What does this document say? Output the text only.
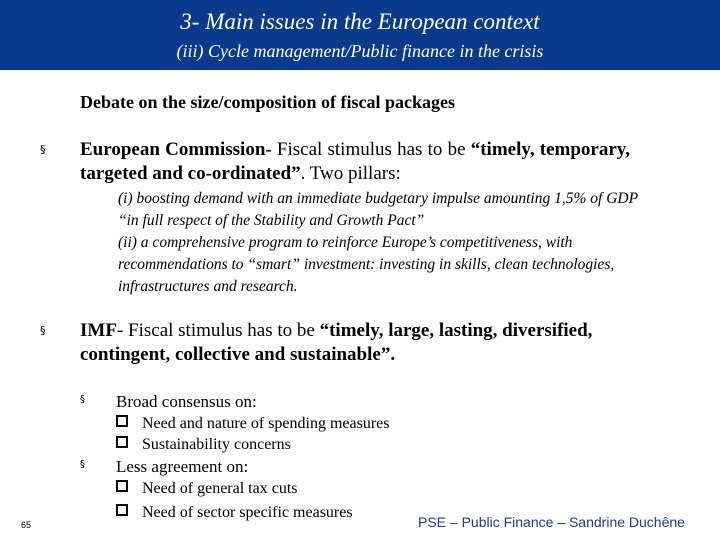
3- Main issues in the European context
(iii) Cycle management/Public finance in the crisis
Debate on the size/composition of fiscal packages
§ European Commission- Fiscal stimulus has to be “timely, temporary, targeted and co-ordinated”. Two pillars:
(i) boosting demand with an immediate budgetary impulse amounting 1,5% of GDP “in full respect of the Stability and Growth Pact”
(ii) a comprehensive program to reinforce Europe’s competitiveness, with recommendations to “smart” investment: investing in skills, clean technologies, infrastructures and research.
§ IMF- Fiscal stimulus has to be “timely, large, lasting, diversified, contingent, collective and sustainable”.
§ Broad consensus on:
Need and nature of spending measures
Sustainability concerns
§ Less agreement on:
Need of general tax cuts
Need of sector specific measures
65	PSE – Public Finance – Sandrine Duchêne
